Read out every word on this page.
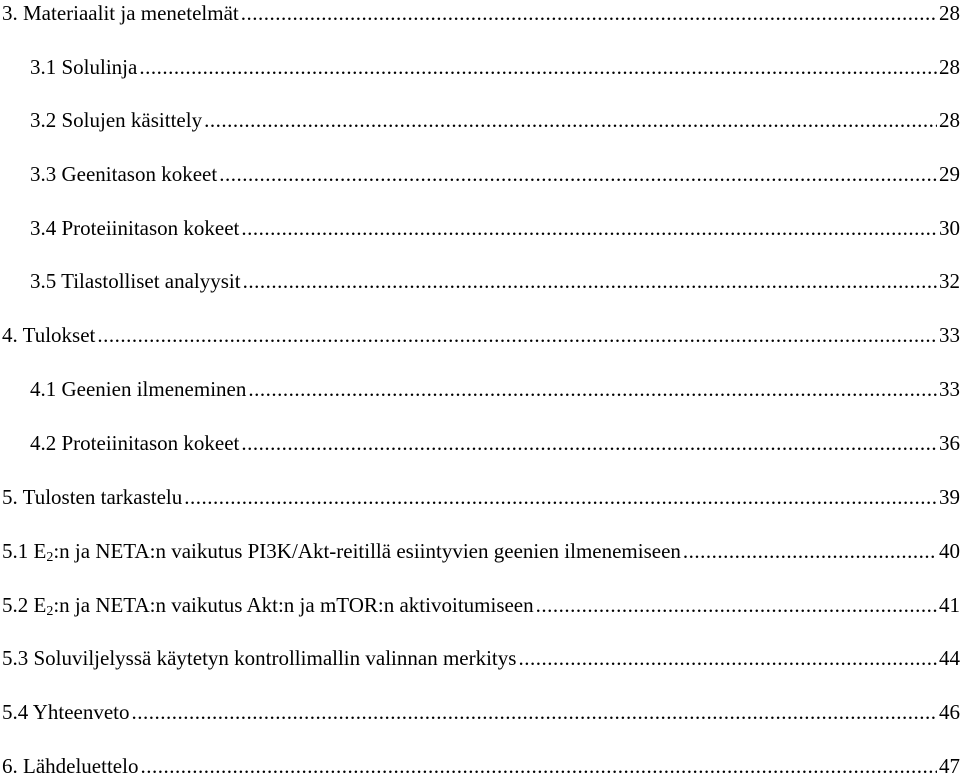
3. Materiaalit ja menetelmät .....	28
3.1 Solulinja .....	28
3.2 Solujen käsittely .....	28
3.3 Geenitason kokeet .....	29
3.4 Proteiinitason kokeet .....	30
3.5 Tilastolliset analyysit .....	32
4. Tulokset .....	33
4.1 Geenien ilmeneminen .....	33
4.2 Proteiinitason kokeet .....	36
5. Tulosten tarkastelu .....	39
5.1 $E_2:n$ ja NETA:n vaikutus PI3K/Akt-reitillä esiintyvien geenien ilmenemiseen .....	40
5.2 $E_2:n$ ja NETA:n vaikutus Akt:n ja mTOR:n aktivoitumiseen .....	41
5.3 Soluviljelyssä käytetyn kontrollimallin valinnan merkitys .....	44
5.4 Yhteenveto .....	46
6. Lähdeluettelo .....	47
